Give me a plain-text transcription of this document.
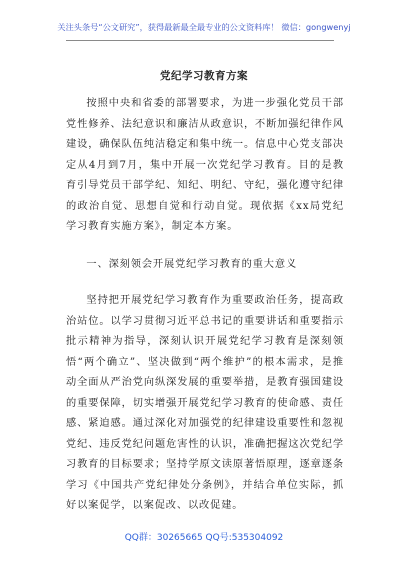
关注头条号“公文研究”，获得最新最全最专业的公文资料库！ 微信：gongwenyj
党纪学习教育方案

按照中央和省委的部署要求，为进一步强化党员干部党性修养、法纪意识和廉洁从政意识，不断加强纪律作风建设，确保队伍纯洁稳定和集中统一。信息中心党支部决定从4月到7月，集中开展一次党纪学习教育。目的是教育引导党员干部学纪、知纪、明纪、守纪，强化遵守纪律的政治自觉、思想自觉和行动自觉。现依据《xx局党纪学习教育实施方案》，制定本方案。

一、深刻领会开展党纪学习教育的重大意义

坚持把开展党纪学习教育作为重要政治任务，提高政治站位。以学习贯彻习近平总书记的重要讲话和重要指示批示精神为指导，深刻认识开展党纪学习教育是深刻领悟“两个确立”、坚决做到“两个维护”的根本需求，是推动全面从严治党向纵深发展的重要举措，是教育强国建设的重要保障，切实增强开展党纪学习教育的使命感、责任感、紧迫感。通过深化对加强党的纪律建设重要性和忽视党纪、违反党纪问题危害性的认识，准确把握这次党纪学习教育的目标要求；坚持学原文读原著悟原理，逐章逐条学习《中国共产党纪律处分条例》，并结合单位实际，抓好以案促学，以案促改、以改促建。

QQ群：30265665 QQ号:535304092
